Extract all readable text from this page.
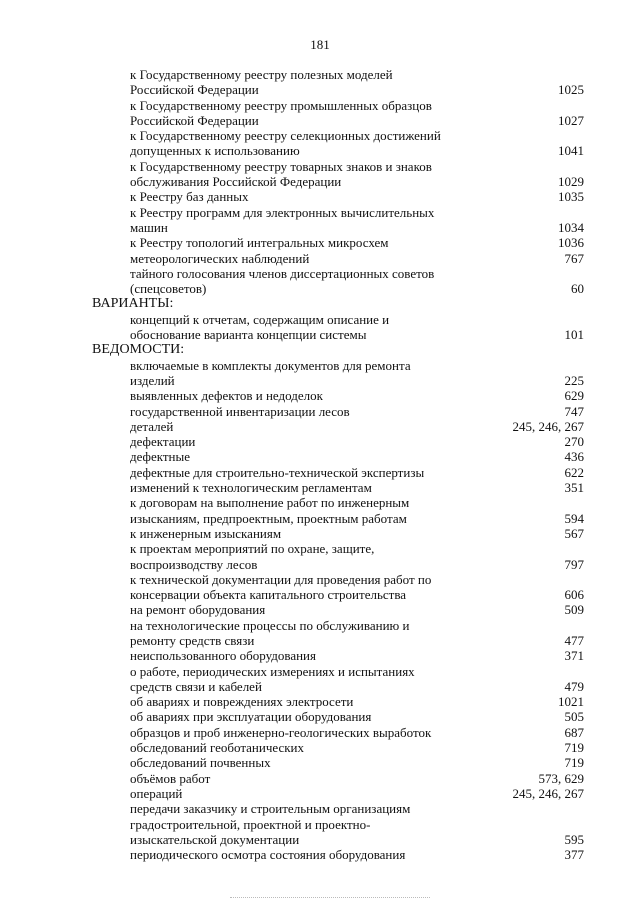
181
к Государственному реестру полезных моделей Российской Федерации	1025
к Государственному реестру промышленных образцов Российской Федерации	1027
к Государственному реестру селекционных достижений допущенных к использованию	1041
к Государственному реестру товарных знаков и знаков обслуживания Российской Федерации	1029
к Реестру баз данных	1035
к Реестру программ для электронных вычислительных машин	1034
к Реестру топологий интегральных микросхем	1036
метеорологических наблюдений	767
тайного голосования членов диссертационных советов (спецсоветов)	60
ВАРИАНТЫ:
концепций к отчетам, содержащим описание и обоснование варианта концепции системы	101
ВЕДОМОСТИ:
включаемые в комплекты документов для ремонта изделий	225
выявленных дефектов и недоделок	629
государственной инвентаризации лесов	747
деталей	245, 246, 267
дефектации	270
дефектные	436
дефектные для строительно-технической экспертизы	622
изменений к технологическим регламентам	351
к договорам на выполнение работ по инженерным изысканиям, предпроектным, проектным работам	594
к инженерным изысканиям	567
к проектам мероприятий по охране, защите, воспроизводству лесов	797
к технической документации для проведения работ по консервации объекта капитального строительства	606
на ремонт оборудования	509
на технологические процессы по обслуживанию и ремонту средств связи	477
неиспользованного оборудования	371
о работе, периодических измерениях и испытаниях средств связи и кабелей	479
об авариях и повреждениях электросети	1021
об авариях при эксплуатации оборудования	505
образцов и проб инженерно-геологических выработок	687
обследований геоботанических	719
обследований почвенных	719
объёмов работ	573, 629
операций	245, 246, 267
передачи заказчику и строительным организациям градостроительной, проектной и проектно-изыскательской документации	595
периодического осмотра состояния оборудования	377
